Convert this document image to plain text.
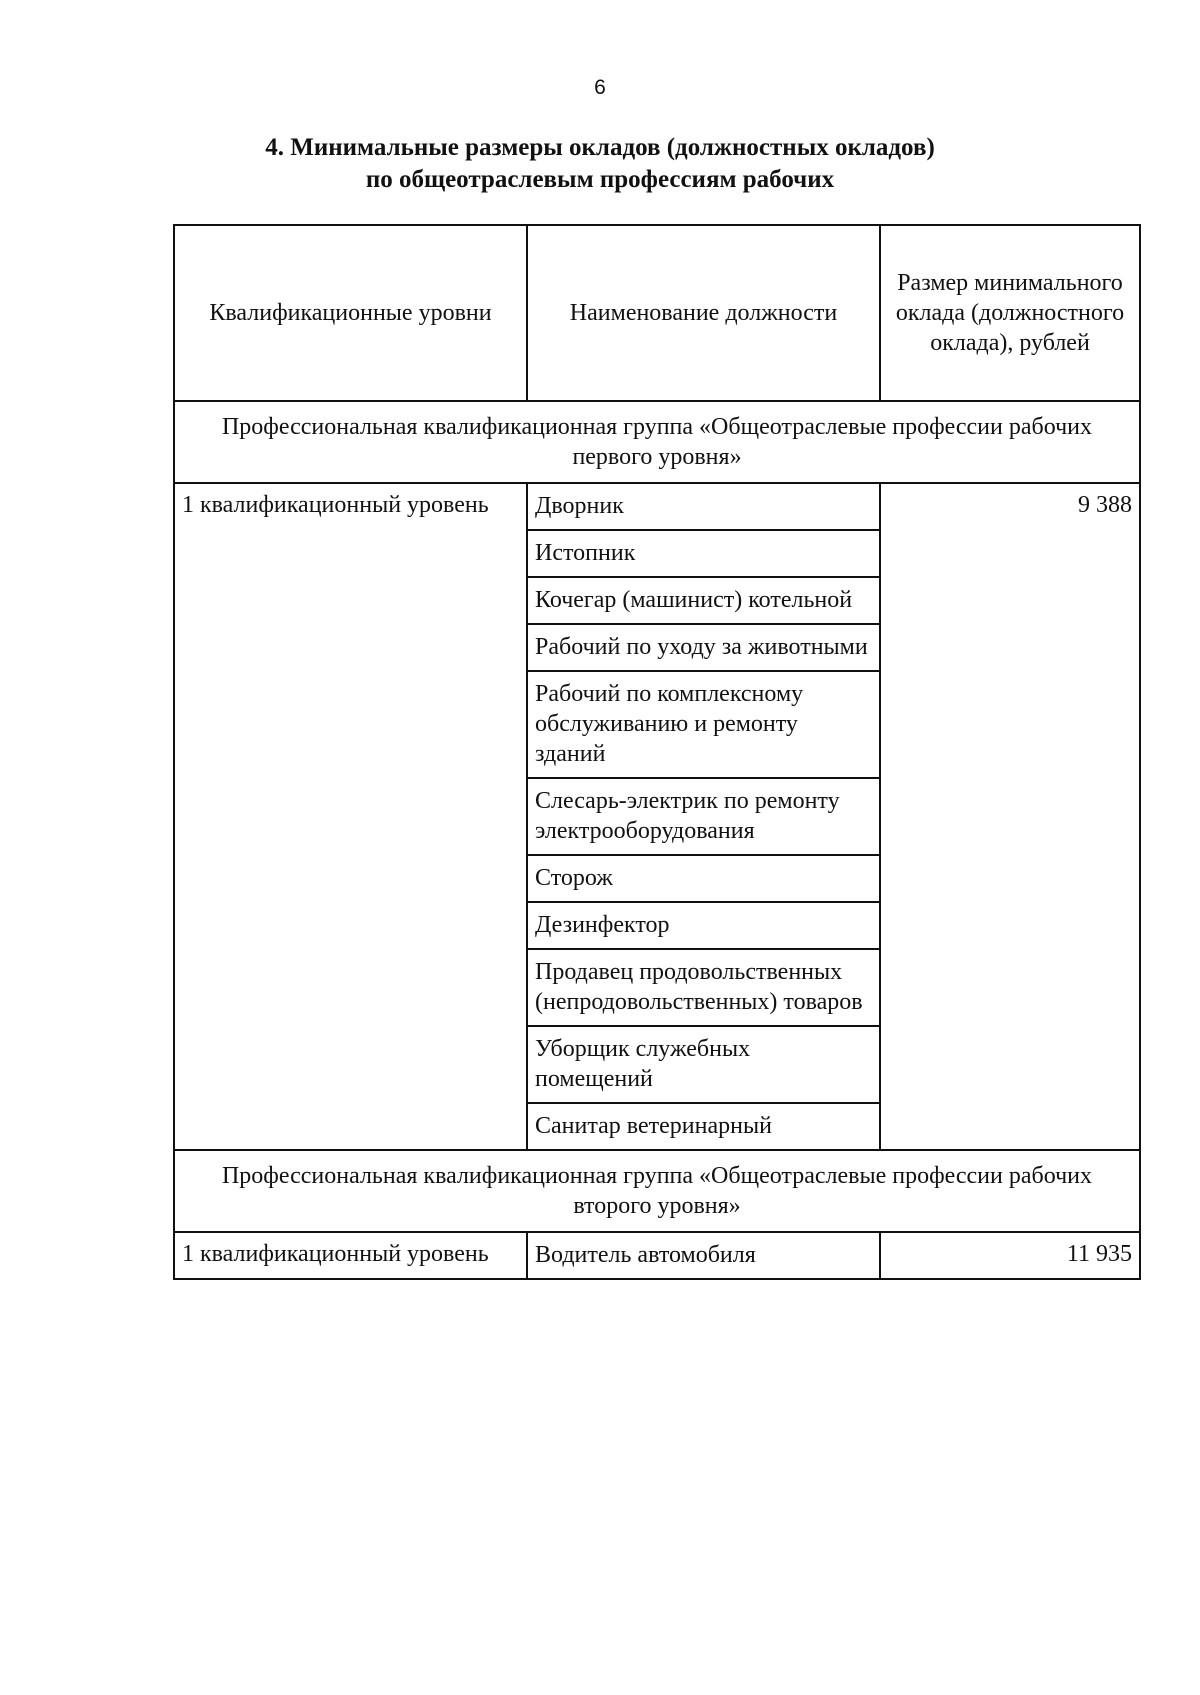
6
4. Минимальные размеры окладов (должностных окладов)
по общеотраслевым профессиям рабочих
Квалификационные уровни	Наименование должности	Размер минимального оклада (должностного оклада), рублей
Профессиональная квалификационная группа «Общеотраслевые профессии рабочих первого уровня»		
1 квалификационный уровень	Дворник	9 388
	Истопник	
	Кочегар (машинист) котельной	
	Рабочий по уходу за животными	
	Рабочий по комплексному обслуживанию и ремонту зданий	
	Слесарь-электрик по ремонту электрооборудования	
	Сторож	
	Дезинфектор	
	Продавец продовольственных (непродовольственных) товаров	
	Уборщик служебных помещений	
	Санитар ветеринарный	
Профессиональная квалификационная группа «Общеотраслевые профессии рабочих второго уровня»		
1 квалификационный уровень	Водитель автомобиля	11 935
